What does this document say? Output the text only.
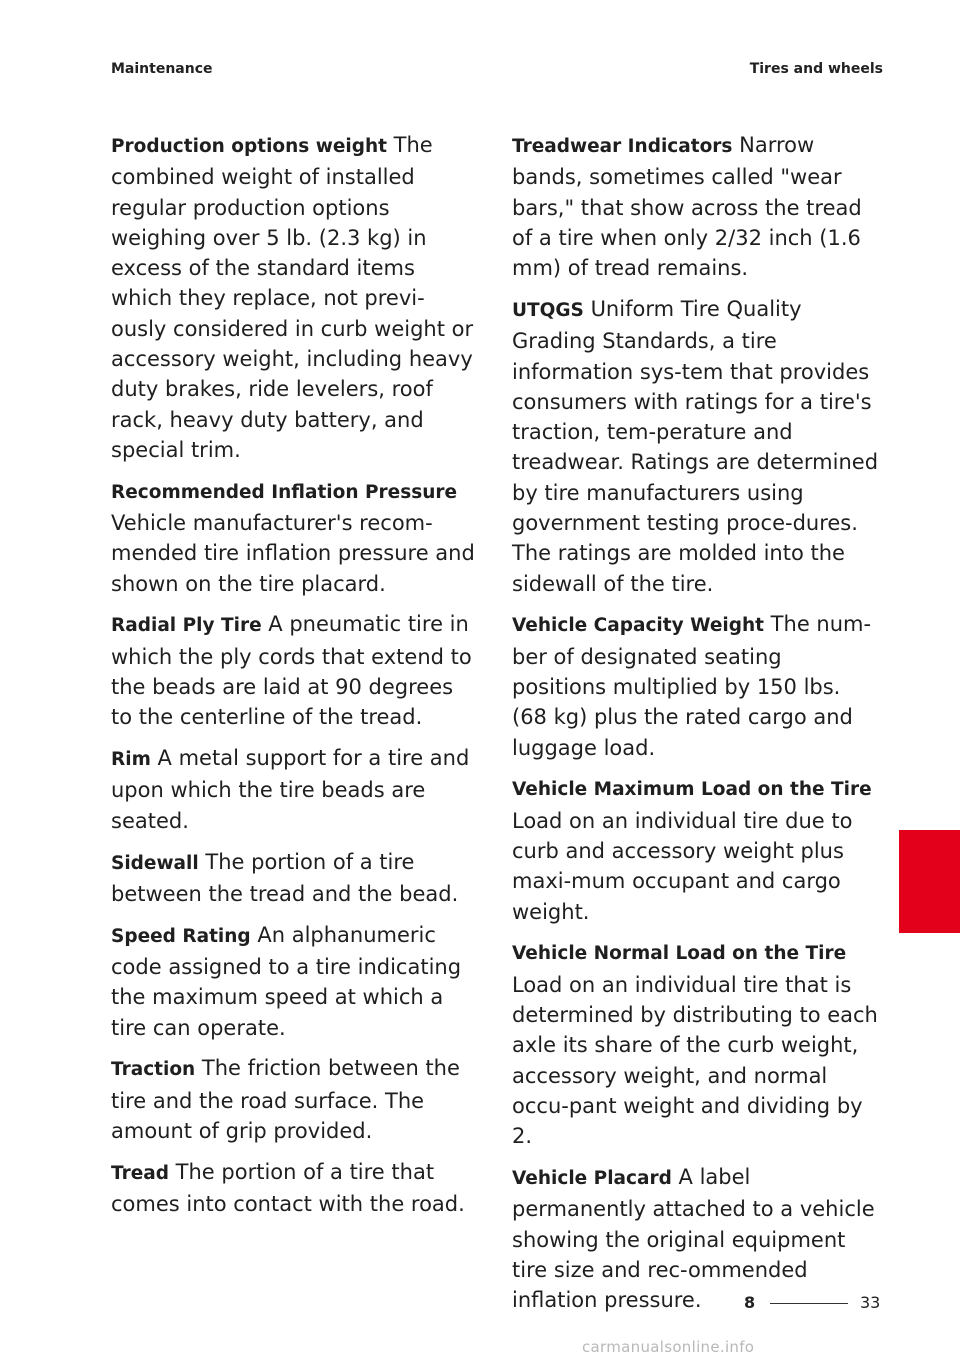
Maintenance	Tires and wheels

Production options weight The combined weight of installed regular production options weighing over 5 lb. (2.3 kg) in excess of the standard items which they replace, not previ-ously considered in curb weight or accessory weight, including heavy duty brakes, ride levelers, roof rack, heavy duty battery, and special trim.

Recommended Inflation Pressure Vehicle manufacturer's recom-mended tire inflation pressure and shown on the tire placard.

Radial Ply Tire A pneumatic tire in which the ply cords that extend to the beads are laid at 90 degrees to the centerline of the tread.

Rim A metal support for a tire and upon which the tire beads are seated.

Sidewall The portion of a tire between the tread and the bead.

Speed Rating An alphanumeric code assigned to a tire indicating the maximum speed at which a tire can operate.

Traction The friction between the tire and the road surface. The amount of grip provided.

Tread The portion of a tire that comes into contact with the road.

Treadwear Indicators Narrow bands, sometimes called "wear bars," that show across the tread of a tire when only 2/32 inch (1.6 mm) of tread remains.

UTQGS Uniform Tire Quality Grading Standards, a tire information sys-tem that provides consumers with ratings for a tire's traction, tem-perature and treadwear. Ratings are determined by tire manufacturers using government testing proce-dures. The ratings are molded into the sidewall of the tire.

Vehicle Capacity Weight The num-ber of designated seating positions multiplied by 150 lbs. (68 kg) plus the rated cargo and luggage load.

Vehicle Maximum Load on the Tire Load on an individual tire due to curb and accessory weight plus maxi-mum occupant and cargo weight.

Vehicle Normal Load on the Tire Load on an individual tire that is determined by distributing to each axle its share of the curb weight, accessory weight, and normal occu-pant weight and dividing by 2.

Vehicle Placard A label permanently attached to a vehicle showing the original equipment tire size and rec-ommended inflation pressure.

8
8	33
carmanualsonline.info
